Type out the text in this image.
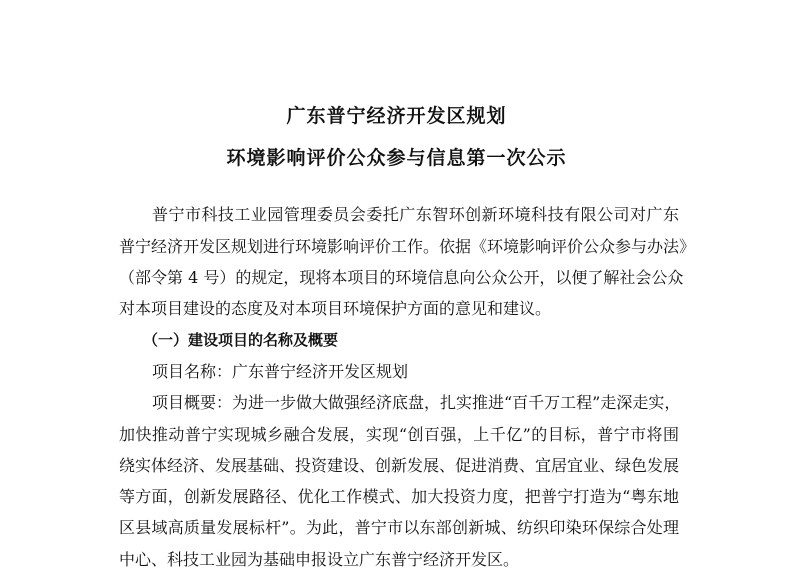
广东普宁经济开发区规划
环境影响评价公众参与信息第一次公示
普宁市科技工业园管理委员会委托广东智环创新环境科技有限公司对广东
普宁经济开发区规划进行环境影响评价工作。依据《环境影响评价公众参与办法》
（部令第 4 号）的规定，现将本项目的环境信息向公众公开，以便了解社会公众
对本项目建设的态度及对本项目环境保护方面的意见和建议。
（一）建设项目的名称及概要
项目名称：广东普宁经济开发区规划
项目概要：为进一步做大做强经济底盘，扎实推进“百千万工程”走深走实，
加快推动普宁实现城乡融合发展，实现“创百强，上千亿”的目标，普宁市将围
绕实体经济、发展基础、投资建设、创新发展、促进消费、宜居宜业、绿色发展
等方面，创新发展路径、优化工作模式、加大投资力度，把普宁打造为“粤东地
区县域高质量发展标杆”。为此，普宁市以东部创新城、纺织印染环保综合处理
中心、科技工业园为基础申报设立广东普宁经济开发区。
